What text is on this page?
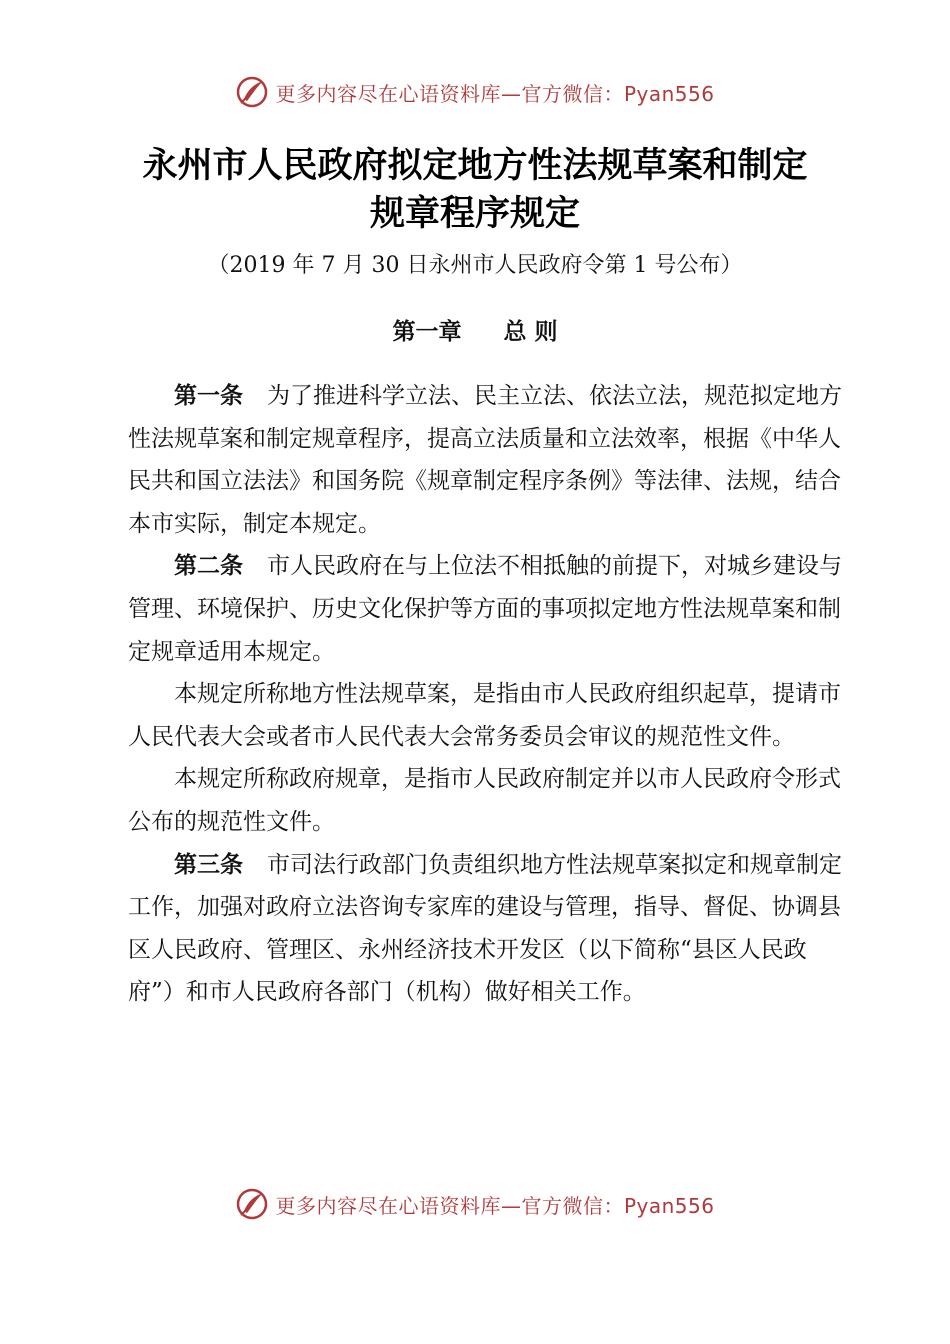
更多内容尽在心语资料库—官方微信：Pyan556
永州市人民政府拟定地方性法规草案和制定
规章程序规定
（2019 年 7 月 30 日永州市人民政府令第 1 号公布）
第一章 总 则

第一条 为了推进科学立法、民主立法、依法立法，规范拟定地方性法规草案和制定规章程序，提高立法质量和立法效率，根据《中华人民共和国立法法》和国务院《规章制定程序条例》等法律、法规，结合本市实际，制定本规定。

第二条 市人民政府在与上位法不相抵触的前提下，对城乡建设与管理、环境保护、历史文化保护等方面的事项拟定地方性法规草案和制定规章适用本规定。

本规定所称地方性法规草案，是指由市人民政府组织起草，提请市人民代表大会或者市人民代表大会常务委员会审议的规范性文件。

本规定所称政府规章，是指市人民政府制定并以市人民政府令形式公布的规范性文件。

第三条 市司法行政部门负责组织地方性法规草案拟定和规章制定工作，加强对政府立法咨询专家库的建设与管理，指导、督促、协调县区人民政府、管理区、永州经济技术开发区（以下简称“县区人民政府”）和市人民政府各部门（机构）做好相关工作。

更多内容尽在心语资料库—官方微信：Pyan556
